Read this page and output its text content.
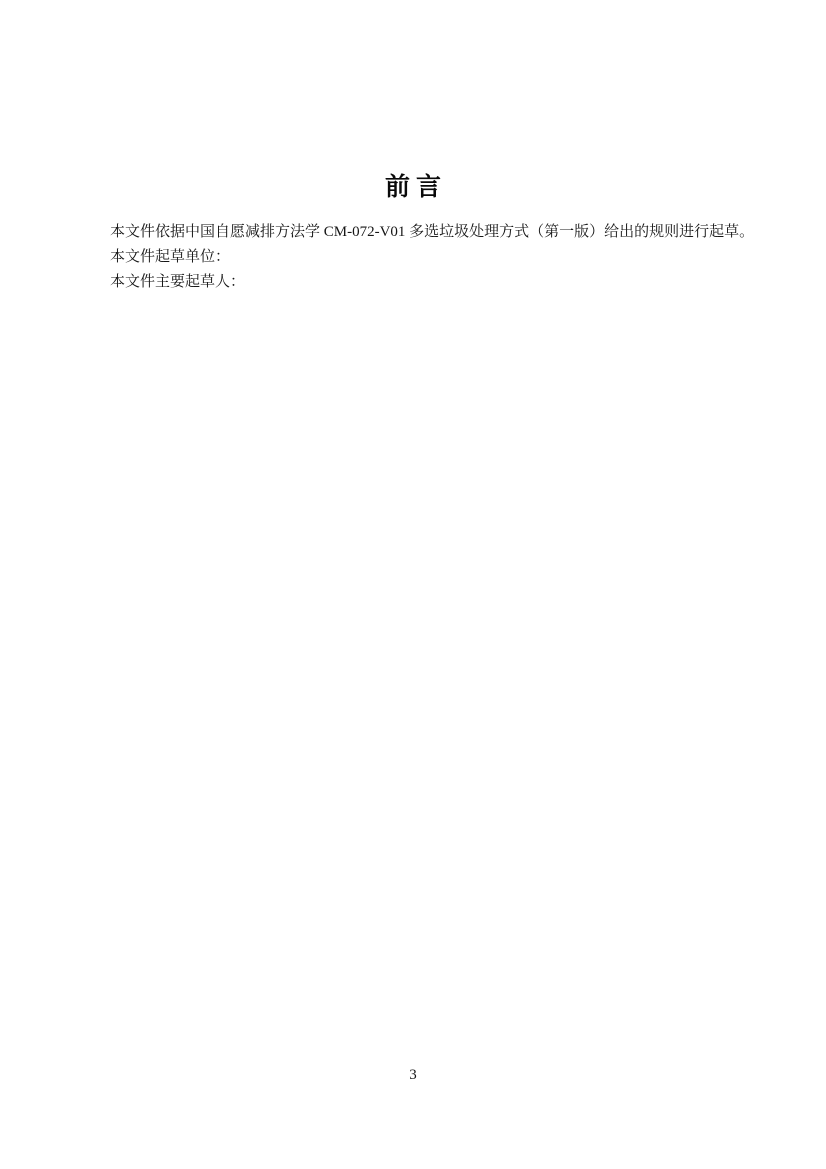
前言

本文件依据中国自愿减排方法学 CM-072-V01 多选垃圾处理方式（第一版）给出的规则进行起草。

本文件起草单位：

本文件主要起草人：

3
